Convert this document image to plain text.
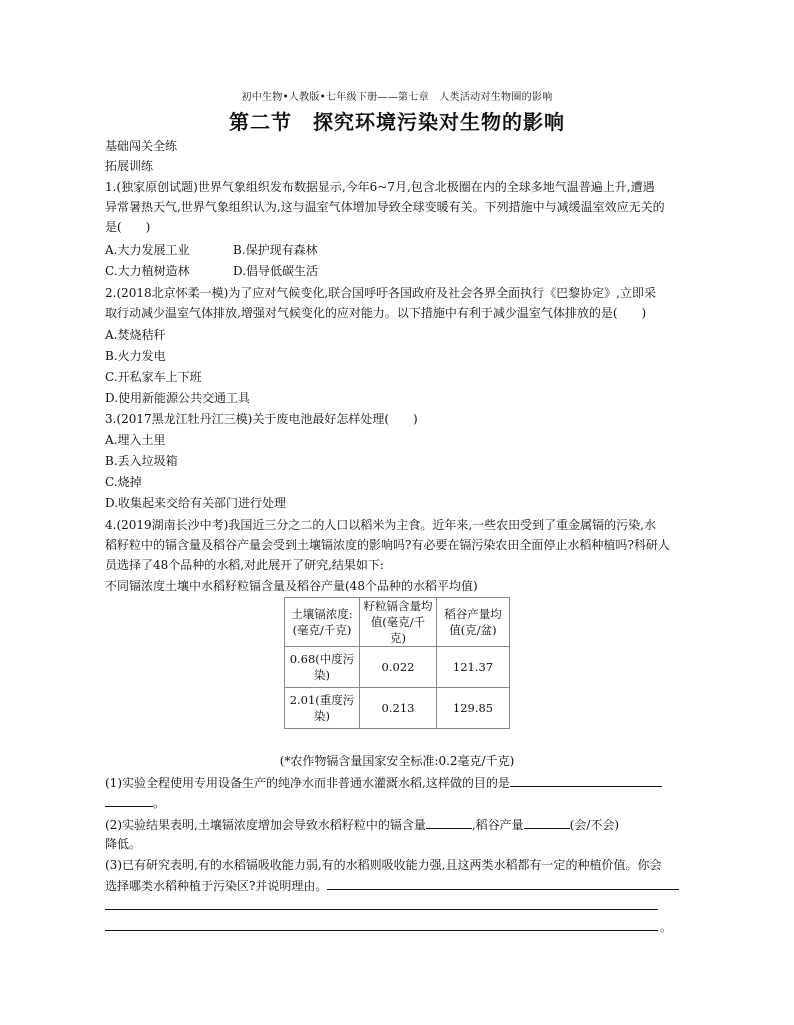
初中生物•人教版•七年级下册——第七章　人类活动对生物圈的影响
第二节　探究环境污染对生物的影响
基础闯关全练
拓展训练
1.(独家原创试题)世界气象组织发布数据显示,今年6~7月,包含北极圈在内的全球多地气温普遍上升,遭遇
异常暑热天气,世界气象组织认为,这与温室气体增加导致全球变暖有关。下列措施中与减缓温室效应无关的
是(　　)
A.大力发展工业	B.保护现有森林
C.大力植树造林	D.倡导低碳生活
2.(2018北京怀柔一模)为了应对气候变化,联合国呼吁各国政府及社会各界全面执行《巴黎协定》,立即采
取行动减少温室气体排放,增强对气候变化的应对能力。以下措施中有利于减少温室气体排放的是(　　)
A.焚烧秸秆
B.火力发电
C.开私家车上下班
D.使用新能源公共交通工具
3.(2017黑龙江牡丹江三模)关于废电池最好怎样处理(　　)
A.埋入土里
B.丢入垃圾箱
C.烧掉
D.收集起来交给有关部门进行处理
4.(2019湖南长沙中考)我国近三分之二的人口以稻米为主食。近年来,一些农田受到了重金属镉的污染,水
稻籽粒中的镉含量及稻谷产量会受到土壤镉浓度的影响吗?有必要在镉污染农田全面停止水稻种植吗?科研人
员选择了48个品种的水稻,对此展开了研究,结果如下:
不同镉浓度土壤中水稻籽粒镉含量及稻谷产量(48个品种的水稻平均值)
土壤镉浓度:(毫克/千克)	籽粒镉含量均值(毫克/千克)	稻谷产量均值(克/盆)
0.68(中度污染)	0.022	121.37
2.01(重度污染)	0.213	129.85
(*农作物镉含量国家安全标准:0.2毫克/千克)
(1)实验全程使用专用设备生产的纯净水而非普通水灌溉水稻,这样做的目的是
。
(2)实验结果表明,土壤镉浓度增加会导致水稻籽粒中的镉含量	,稻谷产量	(会/不会)
降低。
(3)已有研究表明,有的水稻镉吸收能力弱,有的水稻则吸收能力强,且这两类水稻都有一定的种植价值。你会
选择哪类水稻种植于污染区?并说明理由。
。
